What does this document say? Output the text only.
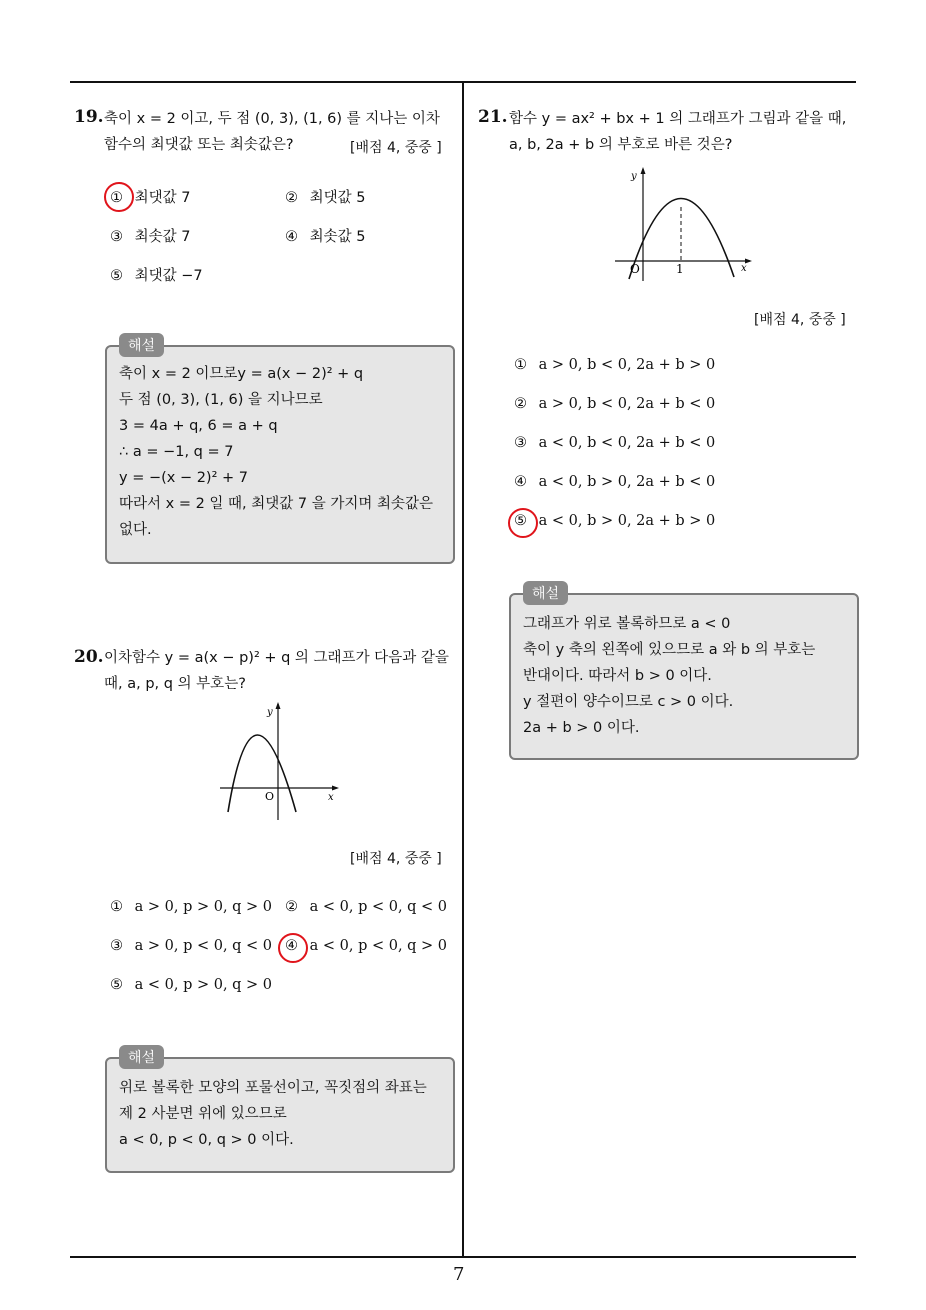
7
19. 축이 x = 2 이고, 두 점 (0, 3), (1, 6) 를 지나는 이차
함수의 최댓값 또는 최솟값은?	[배점 4, 중중 ]
① 최댓값 7	② 최댓값 5
③ 최솟값 7	④ 최솟값 5
⑤ 최댓값 −7
축이 x = 2 이므로y = a(x − 2)² + q
두 점 (0, 3), (1, 6) 을 지나므로
3 = 4a + q, 6 = a + q
∴ a = −1, q = 7
y = −(x − 2)² + 7
따라서 x = 2 일 때, 최댓값 7 을 가지며 최솟값은
없다.
해설
20. 이차함수 y = a(x − p)² + q 의 그래프가 다음과 같을
때, a, p, q 의 부호는?
y
x
O
[배점 4, 중중 ]
① a > 0, p > 0, q > 0 ② a < 0, p < 0, q < 0
③ a > 0, p < 0, q < 0 ④ a < 0, p < 0, q > 0
⑤ a < 0, p > 0, q > 0
위로 볼록한 모양의 포물선이고, 꼭짓점의 좌표는
제 2 사분면 위에 있으므로
a < 0, p < 0, q > 0 이다.
해설
21. 함수 y = ax² + bx + 1 의 그래프가 그림과 같을 때,
a, b, 2a + b 의 부호로 바른 것은?
y
x
O	1
[배점 4, 중중 ]
① a > 0, b < 0, 2a + b > 0
② a > 0, b < 0, 2a + b < 0
③ a < 0, b < 0, 2a + b < 0
④ a < 0, b > 0, 2a + b < 0
⑤ a < 0, b > 0, 2a + b > 0
그래프가 위로 볼록하므로 a < 0
축이 y 축의 왼쪽에 있으므로 a 와 b 의 부호는
반대이다. 따라서 b > 0 이다.
y 절편이 양수이므로 c > 0 이다.
2a + b > 0 이다.
해설
